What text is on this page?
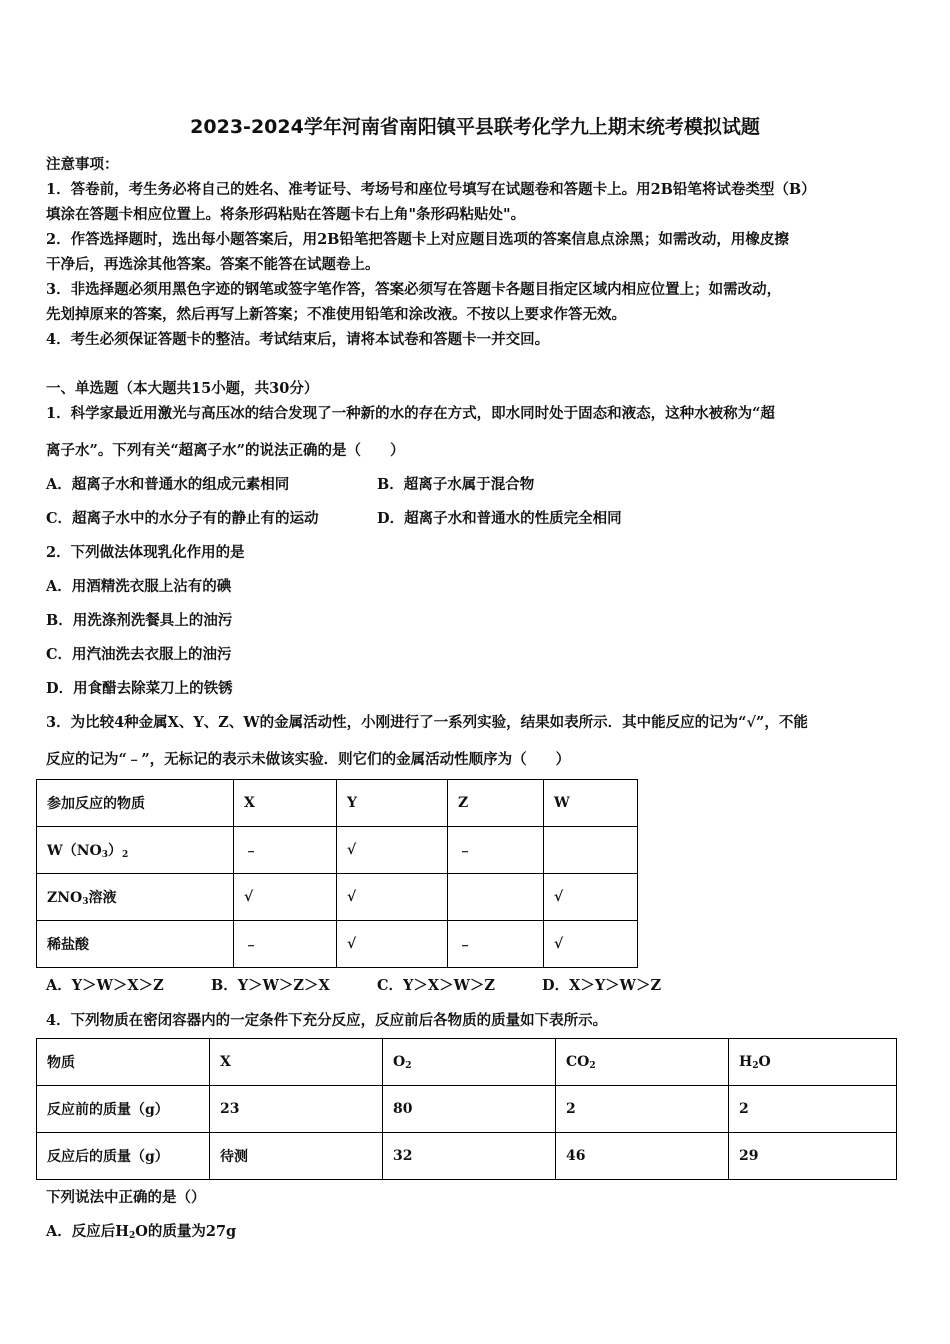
2023-2024学年河南省南阳镇平县联考化学九上期末统考模拟试题
注意事项：
1．答卷前，考生务必将自己的姓名、准考证号、考场号和座位号填写在试题卷和答题卡上。用2B铅笔将试卷类型（B）
填涂在答题卡相应位置上。将条形码粘贴在答题卡右上角"条形码粘贴处"。
2．作答选择题时，选出每小题答案后，用2B铅笔把答题卡上对应题目选项的答案信息点涂黑；如需改动，用橡皮擦
干净后，再选涂其他答案。答案不能答在试题卷上。
3．非选择题必须用黑色字迹的钢笔或签字笔作答，答案必须写在答题卡各题目指定区域内相应位置上；如需改动，
先划掉原来的答案，然后再写上新答案；不准使用铅笔和涂改液。不按以上要求作答无效。
4．考生必须保证答题卡的整洁。考试结束后，请将本试卷和答题卡一并交回。
一、单选题（本大题共15小题，共30分）
1．科学家最近用激光与高压冰的结合发现了一种新的水的存在方式，即水同时处于固态和液态，这种水被称为“超
离子水”。下列有关“超离子水”的说法正确的是（　　）
A．超离子水和普通水的组成元素相同	B．超离子水属于混合物
C．超离子水中的水分子有的静止有的运动	D．超离子水和普通水的性质完全相同
2．下列做法体现乳化作用的是
A．用酒精洗衣服上沾有的碘
B．用洗涤剂洗餐具上的油污
C．用汽油洗去衣服上的油污
D．用食醋去除菜刀上的铁锈
3．为比较4种金属X、Y、Z、W的金属活动性，小刚进行了一系列实验，结果如表所示．其中能反应的记为“√”，不能
反应的记为“﹣”，无标记的表示未做该实验．则它们的金属活动性顺序为（　　）
参加反应的物质	X	Y	Z	W
$W(NO_3)_2$	﹣	√	﹣	
$ZNO_3$溶液	√	√		√
稀盐酸	﹣	√	﹣	√
A．Y＞W＞X＞Z	B．Y＞W＞Z＞X	C．Y＞X＞W＞Z	D．X＞Y＞W＞Z
4．下列物质在密闭容器内的一定条件下充分反应，反应前后各物质的质量如下表所示。
物质	X	$O_2$	$CO_2$	$H_2O$
反应前的质量（g）	23	80	2	2
反应后的质量（g）	待测	32	46	29
下列说法中正确的是（）
A．反应后$H_2O$的质量为27g
